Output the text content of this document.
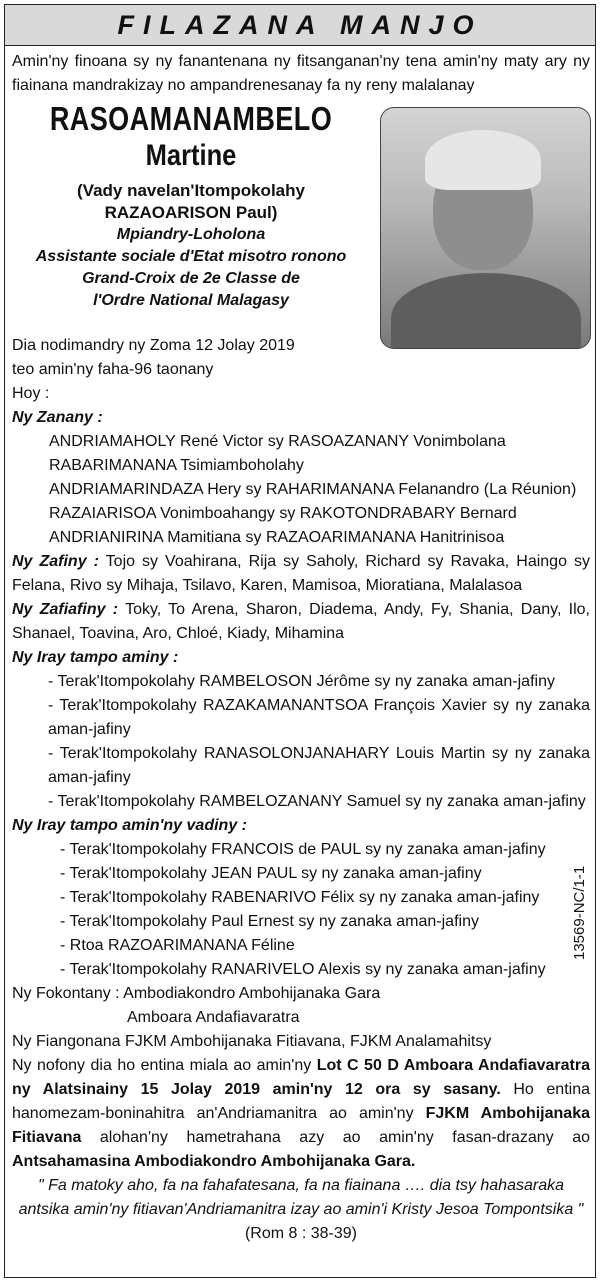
FILAZANA MANJO

Amin'ny finoana sy ny fanantenana ny fitsanganan'ny tena amin'ny maty ary ny fiainana mandrakizay no ampandrenesanay fa ny reny malalanay

RASOAMANAMBELO
Martine
(Vady navelan'Itompokolahy
RAZAOARISON Paul)
Mpiandry-Loholona
Assistante sociale d'Etat misotro ronono
Grand-Croix de 2e Classe de
l'Ordre National Malagasy

Dia nodimandry ny Zoma 12 Jolay 2019

teo amin'ny faha-96 taonany

Hoy :

Ny Zanany :

ANDRIAMAHOLY René Victor sy RASOAZANANY Vonimbolana

RABARIMANANA Tsimiamboholahy

ANDRIAMARINDAZA Hery sy RAHARIMANANA Felanandro (La Réunion)

RAZAIARISOA Vonimboahangy sy RAKOTONDRABARY Bernard

ANDRIANIRINA Mamitiana sy RAZAOARIMANANA Hanitrinisoa

Ny Zafiny : Tojo sy Voahirana, Rija sy Saholy, Richard sy Ravaka, Haingo sy Felana, Rivo sy Mihaja, Tsilavo, Karen, Mamisoa, Mioratiana, Malalasoa

Ny Zafiafiny : Toky, To Arena, Sharon, Diadema, Andy, Fy, Shania, Dany, Ilo, Shanael, Toavina, Aro, Chloé, Kiady, Mihamina

Ny Iray tampo aminy :

- Terak'Itompokolahy RAMBELOSON Jérôme sy ny zanaka aman-jafiny

- Terak'Itompokolahy RAZAKAMANANTSOA François Xavier sy ny zanaka aman-jafiny

- Terak'Itompokolahy RANASOLONJANAHARY Louis Martin sy ny zanaka aman-jafiny

- Terak'Itompokolahy RAMBELOZANANY Samuel sy ny zanaka aman-jafiny

Ny Iray tampo amin'ny vadiny :

- Terak'Itompokolahy FRANCOIS de PAUL sy ny zanaka aman-jafiny

- Terak'Itompokolahy JEAN PAUL sy ny zanaka aman-jafiny

- Terak'Itompokolahy RABENARIVO Félix sy ny zanaka aman-jafiny

- Terak'Itompokolahy Paul Ernest sy ny zanaka aman-jafiny

- Rtoa RAZOARIMANANA Féline

- Terak'Itompokolahy RANARIVELO Alexis sy ny zanaka aman-jafiny

Ny Fokontany : Ambodiakondro Ambohijanaka Gara

Amboara Andafiavaratra

Ny Fiangonana FJKM Ambohijanaka Fitiavana, FJKM Analamahitsy

Ny nofony dia ho entina miala ao amin'ny Lot C 50 D Amboara Andafiavaratra ny Alatsinainy 15 Jolay 2019 amin'ny 12 ora sy sasany. Ho entina hanomezam-boninahitra an'Andriamanitra ao amin'ny FJKM Ambohijanaka Fitiavana alohan'ny hametrahana azy ao amin'ny fasan-drazany ao Antsahamasina Ambodiakondro Ambohijanaka Gara.

" Fa matoky aho, fa na fahafatesana, fa na fiainana …. dia tsy hahasaraka antsika amin'ny fitiavan'Andriamanitra izay ao amin'i Kristy Jesoa Tompontsika "

(Rom 8 : 38-39)

13569-NC/1-1
